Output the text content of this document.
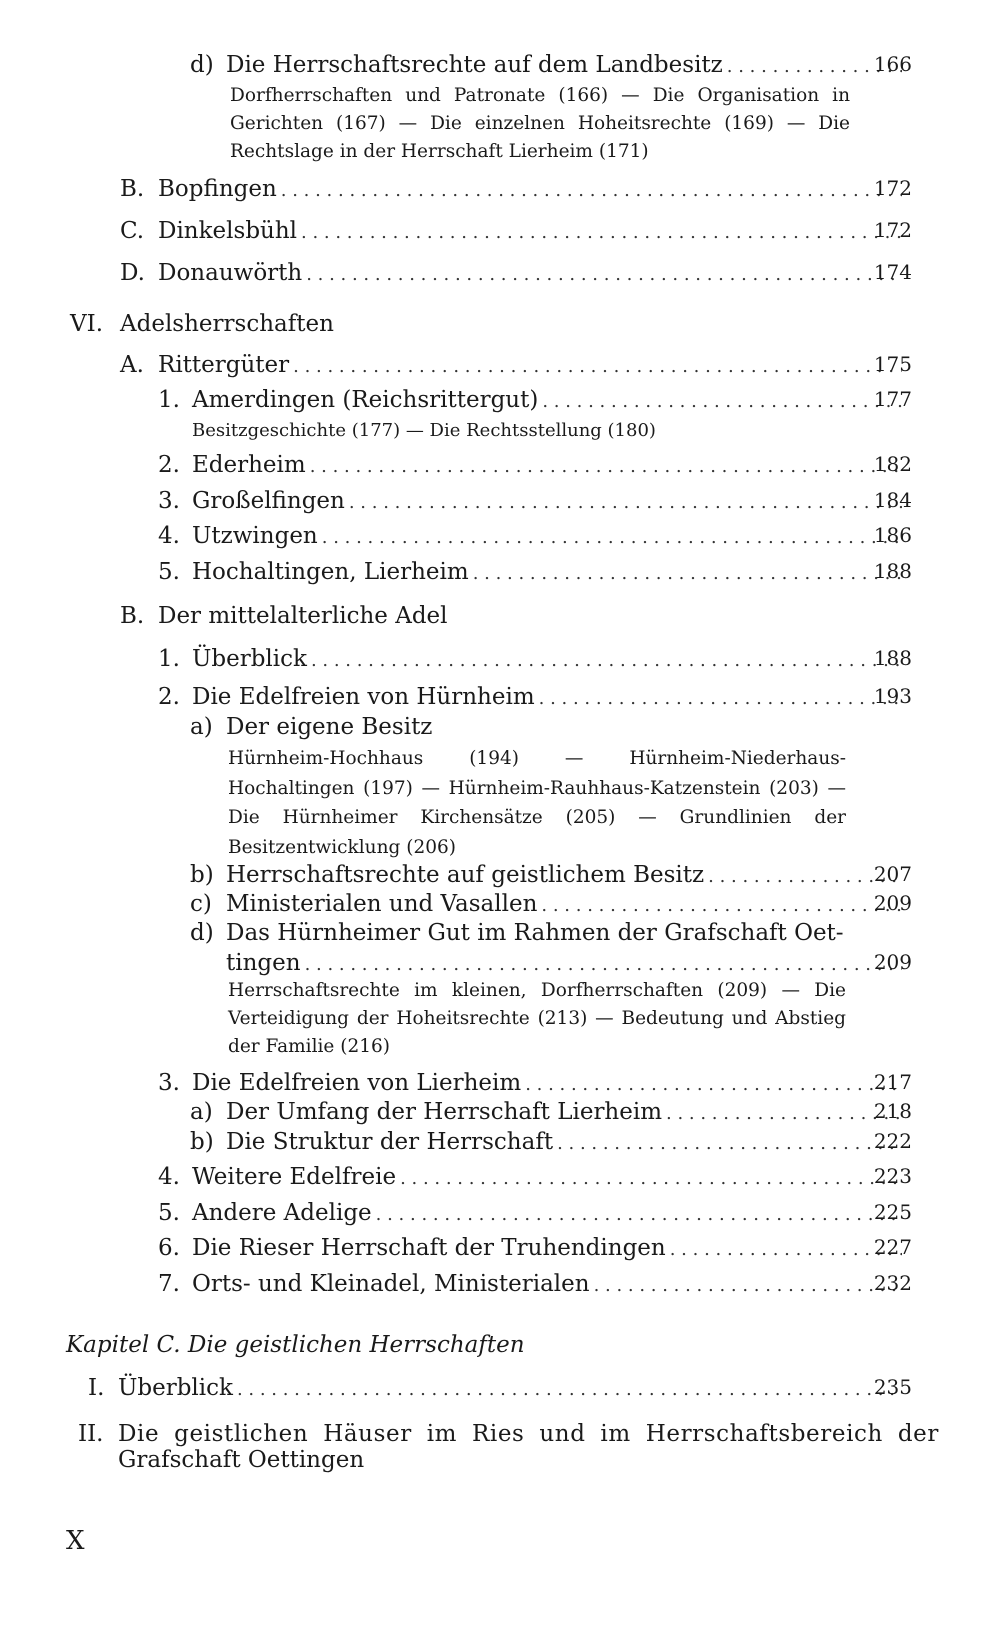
d) Die Herrschaftsrechte auf dem Landbesitz . . .	166
Dorfherrschaften und Patronate (166) — Die Organisation in Gerichten (167) — Die einzelnen Hoheitsrechte (169) — Die Rechtslage in der Herrschaft Lierheim (171)
B. Bopfingen . . .	172
C. Dinkelsbühl . . .	172
D. Donauwörth . . .	174
VI. Adelsherrschaften
A. Rittergüter . . .	175
1. Amerdingen (Reichsrittergut) . . .	177
Besitzgeschichte (177) — Die Rechtsstellung (180)
2. Ederheim . . .	182
3. Großelfingen . . .	184
4. Utzwingen . . .	186
5. Hochaltingen, Lierheim . . .	188
B. Der mittelalterliche Adel
1. Überblick . . .	188
2. Die Edelfreien von Hürnheim . . .	193
a) Der eigene Besitz
Hürnheim-Hochhaus (194) — Hürnheim-Niederhaus-Hochaltingen (197) — Hürnheim-Rauhhaus-Katzenstein (203) — Die Hürnheimer Kirchensätze (205) — Grundlinien der Besitzentwicklung (206)
b) Herrschaftsrechte auf geistlichem Besitz . . .	207
c) Ministerialen und Vasallen . . .	209
d) Das Hürnheimer Gut im Rahmen der Grafschaft Oet-
tingen . . .	209
Herrschaftsrechte im kleinen, Dorfherrschaften (209) — Die Verteidigung der Hoheitsrechte (213) — Bedeutung und Abstieg der Familie (216)
3. Die Edelfreien von Lierheim . . .	217
a) Der Umfang der Herrschaft Lierheim . . .	218
b) Die Struktur der Herrschaft . . .	222
4. Weitere Edelfreie . . .	223
5. Andere Adelige . . .	225
6. Die Rieser Herrschaft der Truhendingen . . .	227
7. Orts- und Kleinadel, Ministerialen . . .	232
Kapitel C. Die geistlichen Herrschaften
I. Überblick . . .	235
II. Die geistlichen Häuser im Ries und im Herrschaftsbereich der
Grafschaft Oettingen
X
